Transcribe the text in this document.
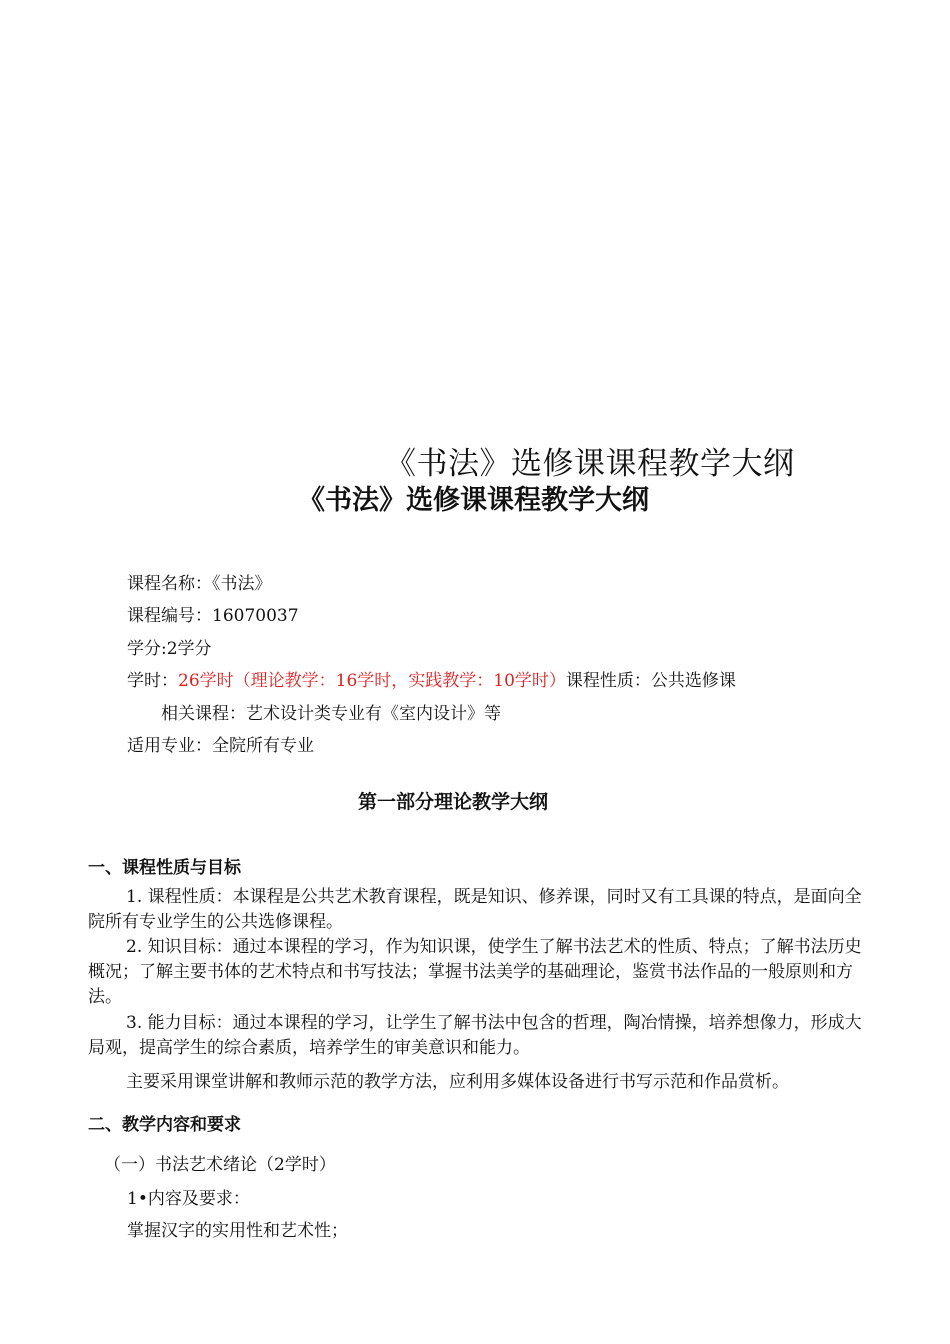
《书法》选修课课程教学大纲
《书法》选修课课程教学大纲
课程名称：《书法》
课程编号：16070037
学分:2学分
学时：26学时（理论教学：16学时，实践教学：10学时）课程性质：公共选修课
相关课程：艺术设计类专业有《室内设计》等
适用专业：全院所有专业
第一部分理论教学大纲
一、课程性质与目标
1. 课程性质：本课程是公共艺术教育课程，既是知识、修养课，同时又有工具课的特点，是面向全院所有专业学生的公共选修课程。
2. 知识目标：通过本课程的学习，作为知识课，使学生了解书法艺术的性质、特点；了解书法历史概况；了解主要书体的艺术特点和书写技法；掌握书法美学的基础理论，鉴赏书法作品的一般原则和方法。
3. 能力目标：通过本课程的学习，让学生了解书法中包含的哲理，陶冶情操，培养想像力，形成大局观，提高学生的综合素质，培养学生的审美意识和能力。
主要采用课堂讲解和教师示范的教学方法，应利用多媒体设备进行书写示范和作品赏析。
二、教学内容和要求
（一）书法艺术绪论（2学时）
1•内容及要求：
掌握汉字的实用性和艺术性；
